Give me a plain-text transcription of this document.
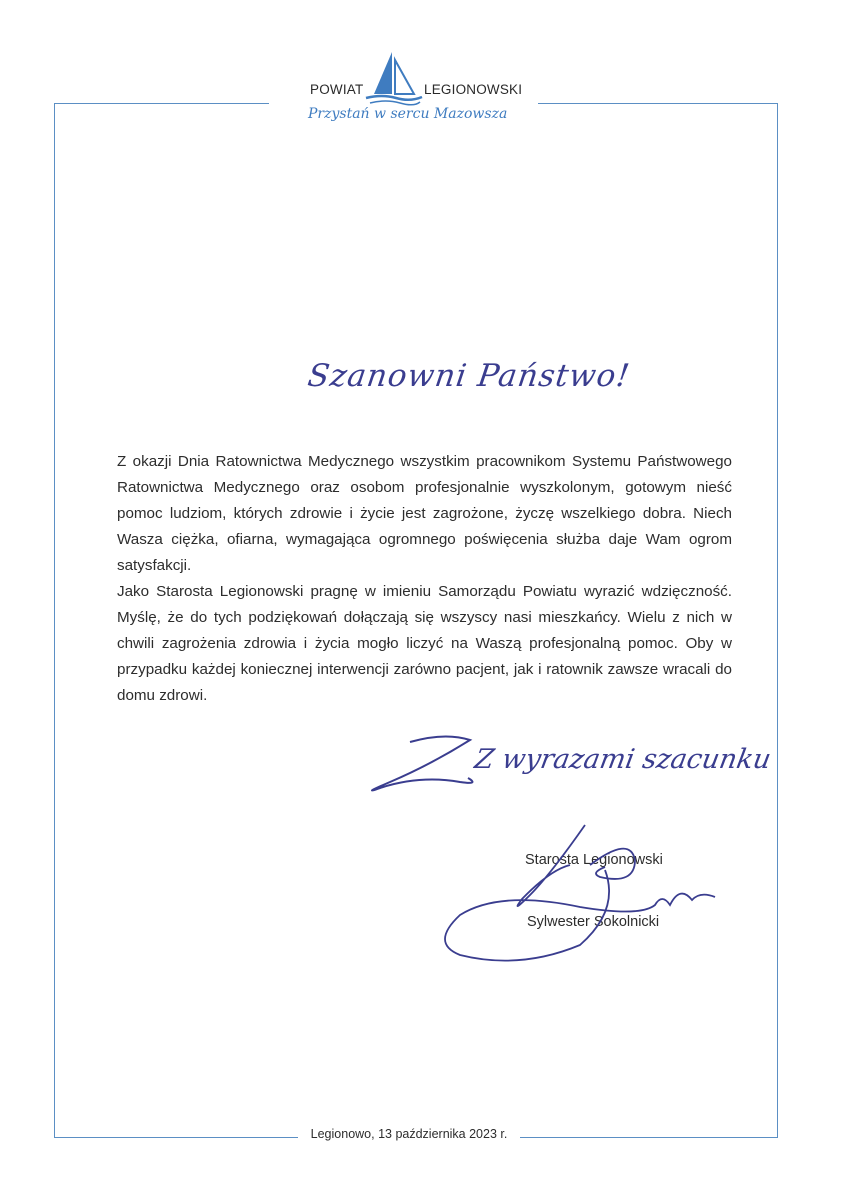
POWIAT	LEGIONOWSKI
Przystań w sercu Mazowsza
Szanowni Państwo!

Z okazji Dnia Ratownictwa Medycznego wszystkim pracownikom Systemu Państwowego Ratownictwa Medycznego oraz osobom profesjonalnie wyszkolonym, gotowym nieść pomoc ludziom, których zdrowie i życie jest zagrożone, życzę wszelkiego dobra. Niech Wasza ciężka, ofiarna, wymagająca ogromnego poświęcenia służba daje Wam ogrom satysfakcji.

Jako Starosta Legionowski pragnę w imieniu Samorządu Powiatu wyrazić wdzięczność. Myślę, że do tych podziękowań dołączają się wszyscy nasi mieszkańcy. Wielu z nich w chwili zagrożenia zdrowia i życia mogło liczyć na Waszą profesjonalną pomoc. Oby w przypadku każdej koniecznej interwencji zarówno pacjent, jak i ratownik zawsze wracali do domu zdrowi.

Z wyrazami szacunku
Starosta Legionowski
Sylwester Sokolnicki
Legionowo, 13 października 2023 r.
